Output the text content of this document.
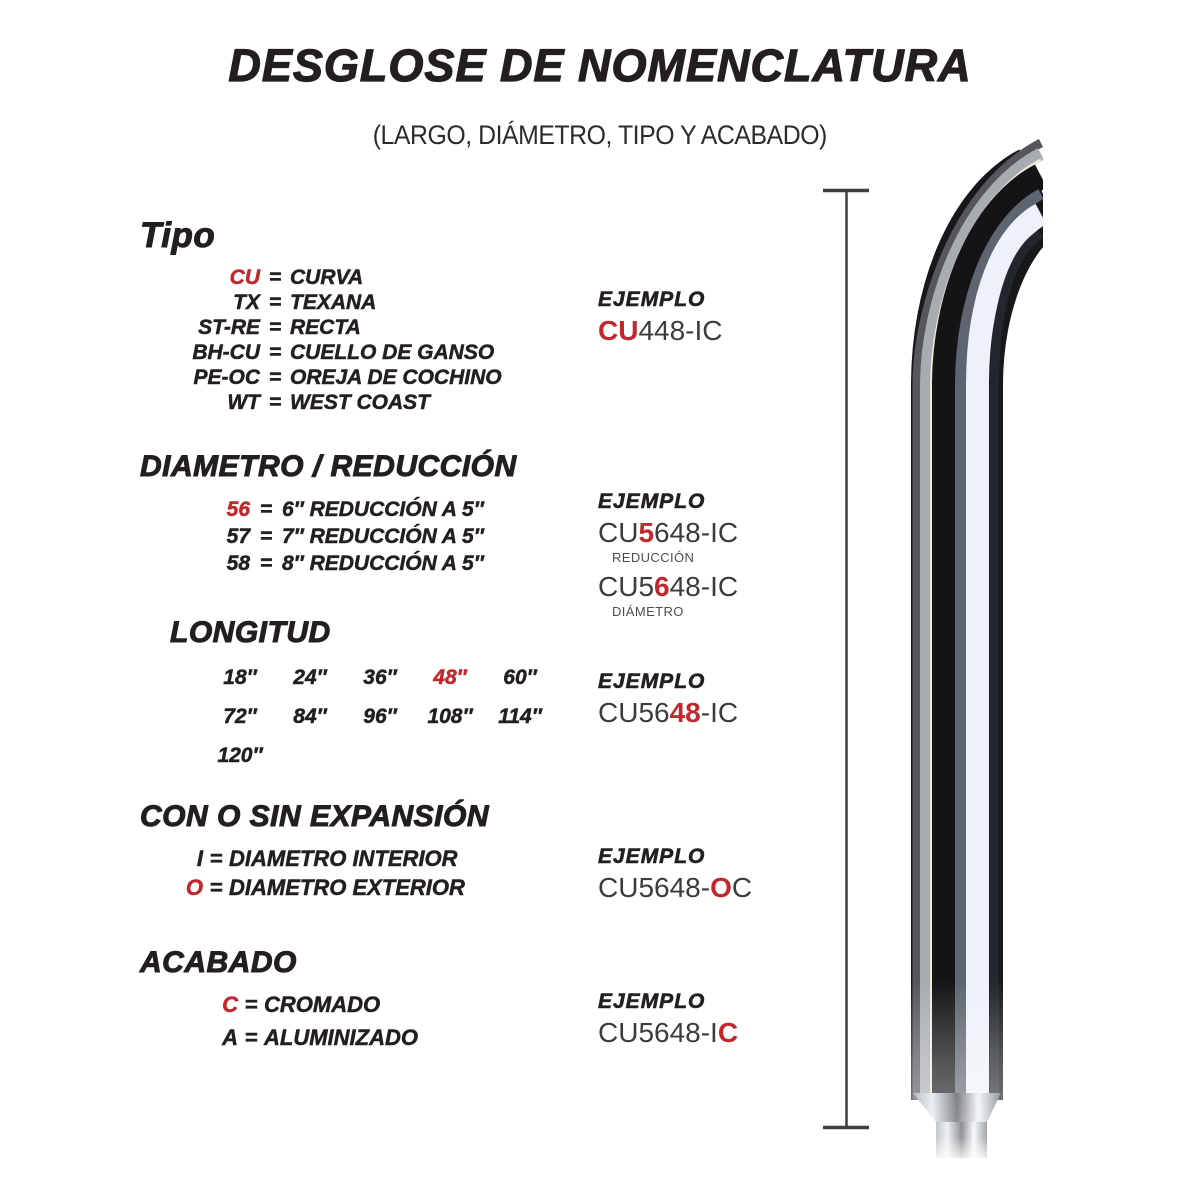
DESGLOSE DE NOMENCLATURA

(LARGO, DIÁMETRO, TIPO Y ACABADO)
Tipo
CU = CURVA
TX = TEXANA
ST-RE = RECTA
BH-CU = CUELLO DE GANSO
PE-OC = OREJA DE COCHINO
WT = WEST COAST
DIAMETRO / REDUCCIÓN
56 = 6″ REDUCCIÓN A 5″
57 = 7″ REDUCCIÓN A 5″
58 = 8″ REDUCCIÓN A 5″
LONGITUD
18″	24″	36″	48″	60″
72″	84″	96″	108″	114″
120″
CON O SIN EXPANSIÓN
I = DIAMETRO INTERIOR
O = DIAMETRO EXTERIOR
ACABADO
C = CROMADO
A = ALUMINIZADO
EJEMPLO
CU448-IC
EJEMPLO
CU5648-IC
REDUCCIÓN
CU5648-IC
DIÁMETRO
EJEMPLO
CU5648-IC
EJEMPLO
CU5648-OC
EJEMPLO
CU5648-IC
